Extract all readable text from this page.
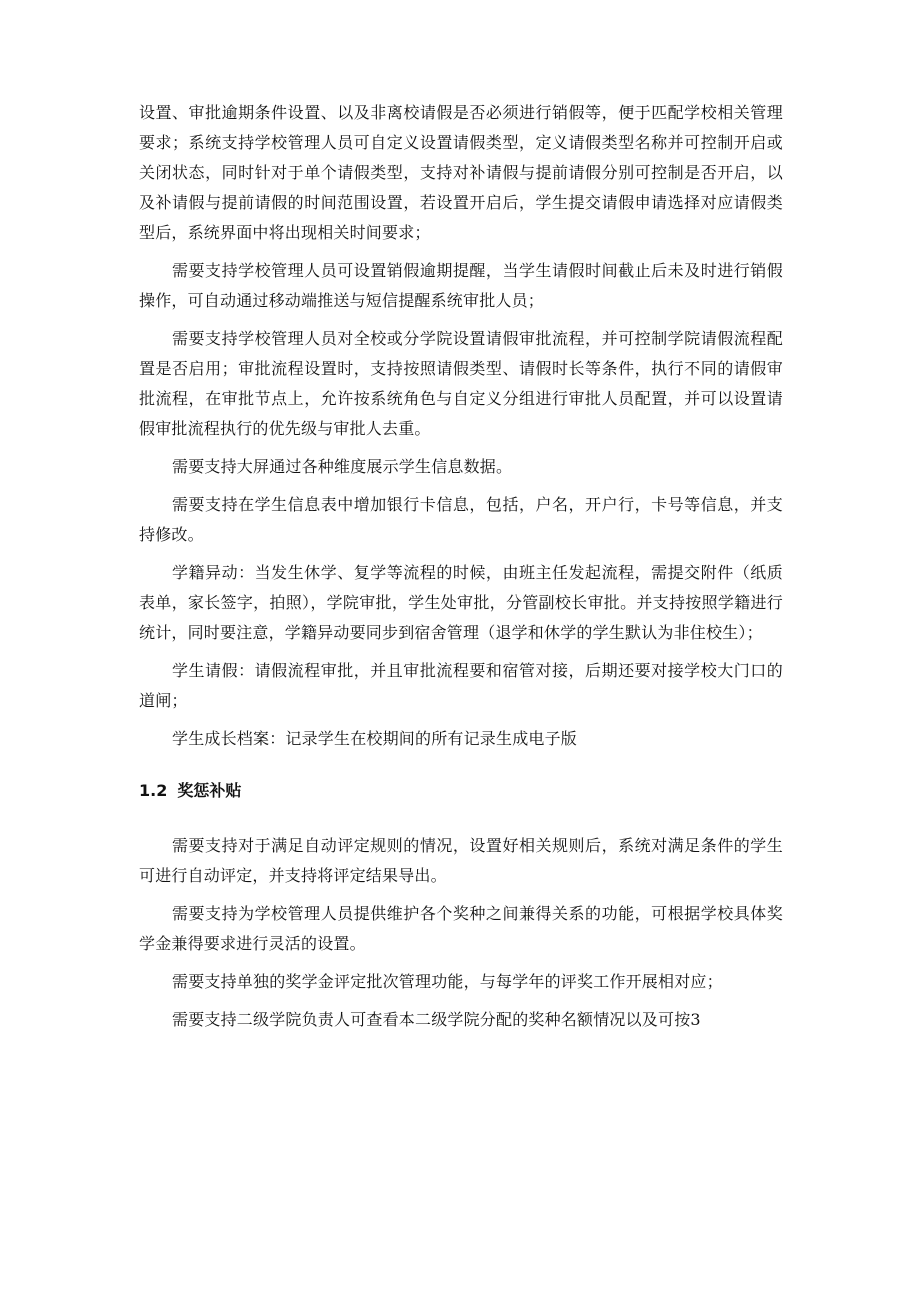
设置、审批逾期条件设置、以及非离校请假是否必须进行销假等，便于匹配学校相关管理要求；系统支持学校管理人员可自定义设置请假类型，定义请假类型名称并可控制开启或关闭状态，同时针对于单个请假类型，支持对补请假与提前请假分别可控制是否开启，以及补请假与提前请假的时间范围设置，若设置开启后，学生提交请假申请选择对应请假类型后，系统界面中将出现相关时间要求；

需要支持学校管理人员可设置销假逾期提醒，当学生请假时间截止后未及时进行销假操作，可自动通过移动端推送与短信提醒系统审批人员；

需要支持学校管理人员对全校或分学院设置请假审批流程，并可控制学院请假流程配置是否启用；审批流程设置时，支持按照请假类型、请假时长等条件，执行不同的请假审批流程，在审批节点上，允许按系统角色与自定义分组进行审批人员配置，并可以设置请假审批流程执行的优先级与审批人去重。

需要支持大屏通过各种维度展示学生信息数据。

需要支持在学生信息表中增加银行卡信息，包括，户名，开户行，卡号等信息，并支持修改。

学籍异动：当发生休学、复学等流程的时候，由班主任发起流程，需提交附件（纸质表单，家长签字，拍照），学院审批，学生处审批，分管副校长审批。并支持按照学籍进行统计，同时要注意，学籍异动要同步到宿舍管理（退学和休学的学生默认为非住校生）；

学生请假：请假流程审批，并且审批流程要和宿管对接，后期还要对接学校大门口的道闸；

学生成长档案：记录学生在校期间的所有记录生成电子版

1.2 奖惩补贴

需要支持对于满足自动评定规则的情况，设置好相关规则后，系统对满足条件的学生可进行自动评定，并支持将评定结果导出。

需要支持为学校管理人员提供维护各个奖种之间兼得关系的功能，可根据学校具体奖学金兼得要求进行灵活的设置。

需要支持单独的奖学金评定批次管理功能，与每学年的评奖工作开展相对应；

需要支持二级学院负责人可查看本二级学院分配的奖种名额情况以及可按3
